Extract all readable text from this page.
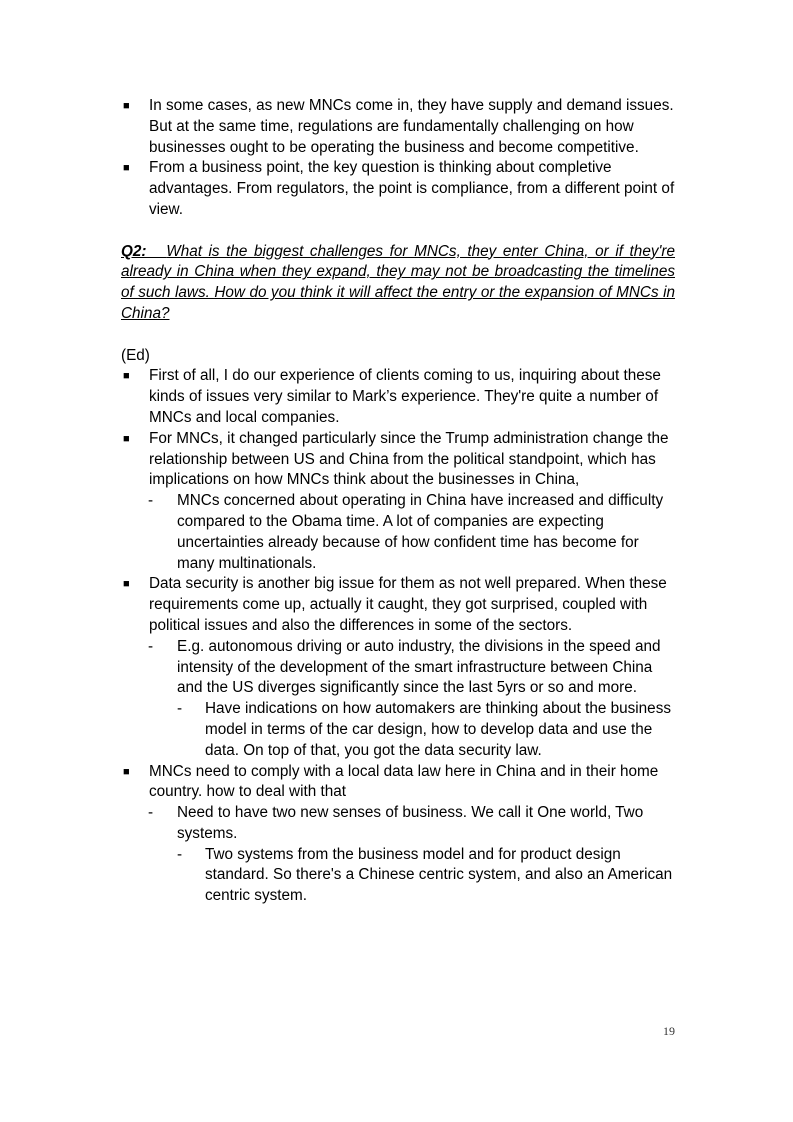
■ In some cases, as new MNCs come in, they have supply and demand issues. But at the same time, regulations are fundamentally challenging on how businesses ought to be operating the business and become competitive.
■ From a business point, the key question is thinking about completive advantages. From regulators, the point is compliance, from a different point of view.
Q2: What is the biggest challenges for MNCs, they enter China, or if they're already in China when they expand, they may not be broadcasting the timelines of such laws. How do you think it will affect the entry or the expansion of MNCs in China?
(Ed)
■ First of all, I do our experience of clients coming to us, inquiring about these kinds of issues very similar to Mark’s experience. They're quite a number of MNCs and local companies.
■ For MNCs, it changed particularly since the Trump administration change the relationship between US and China from the political standpoint, which has implications on how MNCs think about the businesses in China,
- MNCs concerned about operating in China have increased and difficulty compared to the Obama time. A lot of companies are expecting uncertainties already because of how confident time has become for many multinationals.
■ Data security is another big issue for them as not well prepared. When these requirements come up, actually it caught, they got surprised, coupled with political issues and also the differences in some of the sectors.
- E.g. autonomous driving or auto industry, the divisions in the speed and intensity of the development of the smart infrastructure between China and the US diverges significantly since the last 5yrs or so and more.
- Have indications on how automakers are thinking about the business model in terms of the car design, how to develop data and use the data. On top of that, you got the data security law.
■ MNCs need to comply with a local data law here in China and in their home country. how to deal with that
- Need to have two new senses of business. We call it One world, Two systems.
- Two systems from the business model and for product design standard. So there's a Chinese centric system, and also an American centric system.
19
